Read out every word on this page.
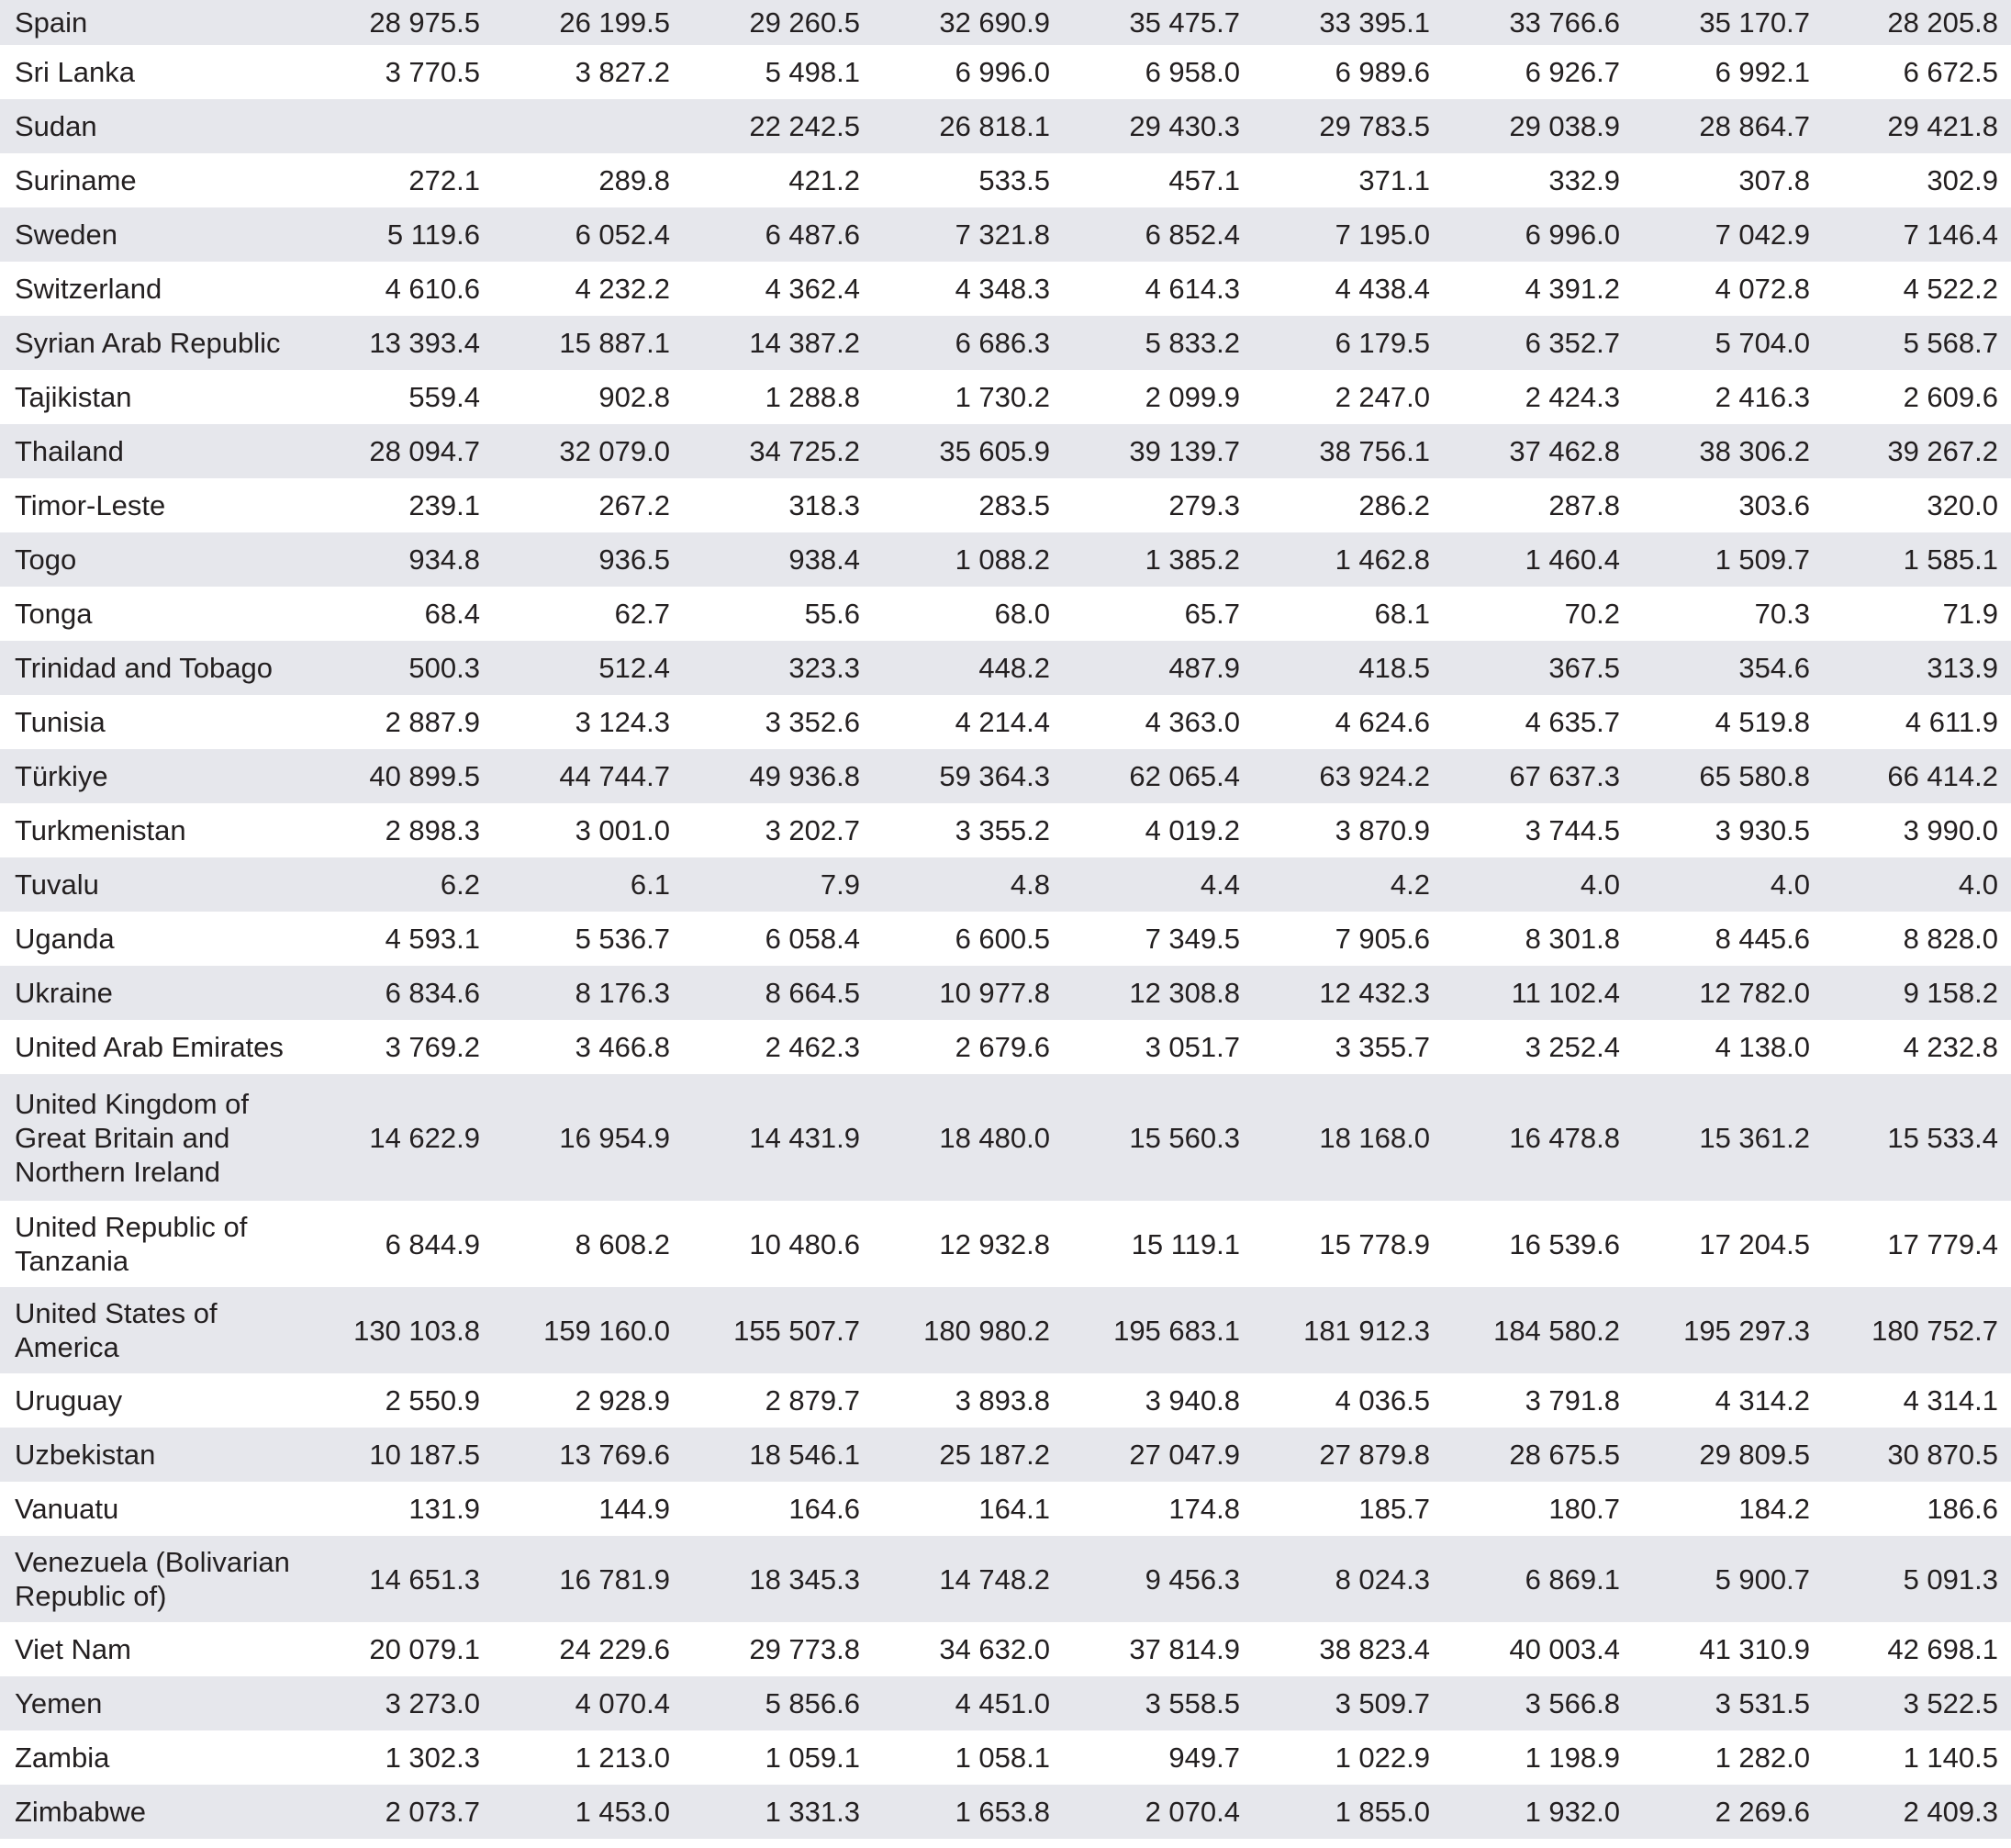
Spain	28 975.5	26 199.5	29 260.5	32 690.9	35 475.7	33 395.1	33 766.6	35 170.7	28 205.8
Sri Lanka	3 770.5	3 827.2	5 498.1	6 996.0	6 958.0	6 989.6	6 926.7	6 992.1	6 672.5
Sudan			22 242.5	26 818.1	29 430.3	29 783.5	29 038.9	28 864.7	29 421.8
Suriname	272.1	289.8	421.2	533.5	457.1	371.1	332.9	307.8	302.9
Sweden	5 119.6	6 052.4	6 487.6	7 321.8	6 852.4	7 195.0	6 996.0	7 042.9	7 146.4
Switzerland	4 610.6	4 232.2	4 362.4	4 348.3	4 614.3	4 438.4	4 391.2	4 072.8	4 522.2
Syrian Arab Republic	13 393.4	15 887.1	14 387.2	6 686.3	5 833.2	6 179.5	6 352.7	5 704.0	5 568.7
Tajikistan	559.4	902.8	1 288.8	1 730.2	2 099.9	2 247.0	2 424.3	2 416.3	2 609.6
Thailand	28 094.7	32 079.0	34 725.2	35 605.9	39 139.7	38 756.1	37 462.8	38 306.2	39 267.2
Timor-Leste	239.1	267.2	318.3	283.5	279.3	286.2	287.8	303.6	320.0
Togo	934.8	936.5	938.4	1 088.2	1 385.2	1 462.8	1 460.4	1 509.7	1 585.1
Tonga	68.4	62.7	55.6	68.0	65.7	68.1	70.2	70.3	71.9
Trinidad and Tobago	500.3	512.4	323.3	448.2	487.9	418.5	367.5	354.6	313.9
Tunisia	2 887.9	3 124.3	3 352.6	4 214.4	4 363.0	4 624.6	4 635.7	4 519.8	4 611.9
Türkiye	40 899.5	44 744.7	49 936.8	59 364.3	62 065.4	63 924.2	67 637.3	65 580.8	66 414.2
Turkmenistan	2 898.3	3 001.0	3 202.7	3 355.2	4 019.2	3 870.9	3 744.5	3 930.5	3 990.0
Tuvalu	6.2	6.1	7.9	4.8	4.4	4.2	4.0	4.0	4.0
Uganda	4 593.1	5 536.7	6 058.4	6 600.5	7 349.5	7 905.6	8 301.8	8 445.6	8 828.0
Ukraine	6 834.6	8 176.3	8 664.5	10 977.8	12 308.8	12 432.3	11 102.4	12 782.0	9 158.2
United Arab Emirates	3 769.2	3 466.8	2 462.3	2 679.6	3 051.7	3 355.7	3 252.4	4 138.0	4 232.8
United Kingdom of Great Britain and Northern Ireland	14 622.9	16 954.9	14 431.9	18 480.0	15 560.3	18 168.0	16 478.8	15 361.2	15 533.4
United Republic of Tanzania	6 844.9	8 608.2	10 480.6	12 932.8	15 119.1	15 778.9	16 539.6	17 204.5	17 779.4
United States of America	130 103.8	159 160.0	155 507.7	180 980.2	195 683.1	181 912.3	184 580.2	195 297.3	180 752.7
Uruguay	2 550.9	2 928.9	2 879.7	3 893.8	3 940.8	4 036.5	3 791.8	4 314.2	4 314.1
Uzbekistan	10 187.5	13 769.6	18 546.1	25 187.2	27 047.9	27 879.8	28 675.5	29 809.5	30 870.5
Vanuatu	131.9	144.9	164.6	164.1	174.8	185.7	180.7	184.2	186.6
Venezuela (Bolivarian Republic of)	14 651.3	16 781.9	18 345.3	14 748.2	9 456.3	8 024.3	6 869.1	5 900.7	5 091.3
Viet Nam	20 079.1	24 229.6	29 773.8	34 632.0	37 814.9	38 823.4	40 003.4	41 310.9	42 698.1
Yemen	3 273.0	4 070.4	5 856.6	4 451.0	3 558.5	3 509.7	3 566.8	3 531.5	3 522.5
Zambia	1 302.3	1 213.0	1 059.1	1 058.1	949.7	1 022.9	1 198.9	1 282.0	1 140.5
Zimbabwe	2 073.7	1 453.0	1 331.3	1 653.8	2 070.4	1 855.0	1 932.0	2 269.6	2 409.3
